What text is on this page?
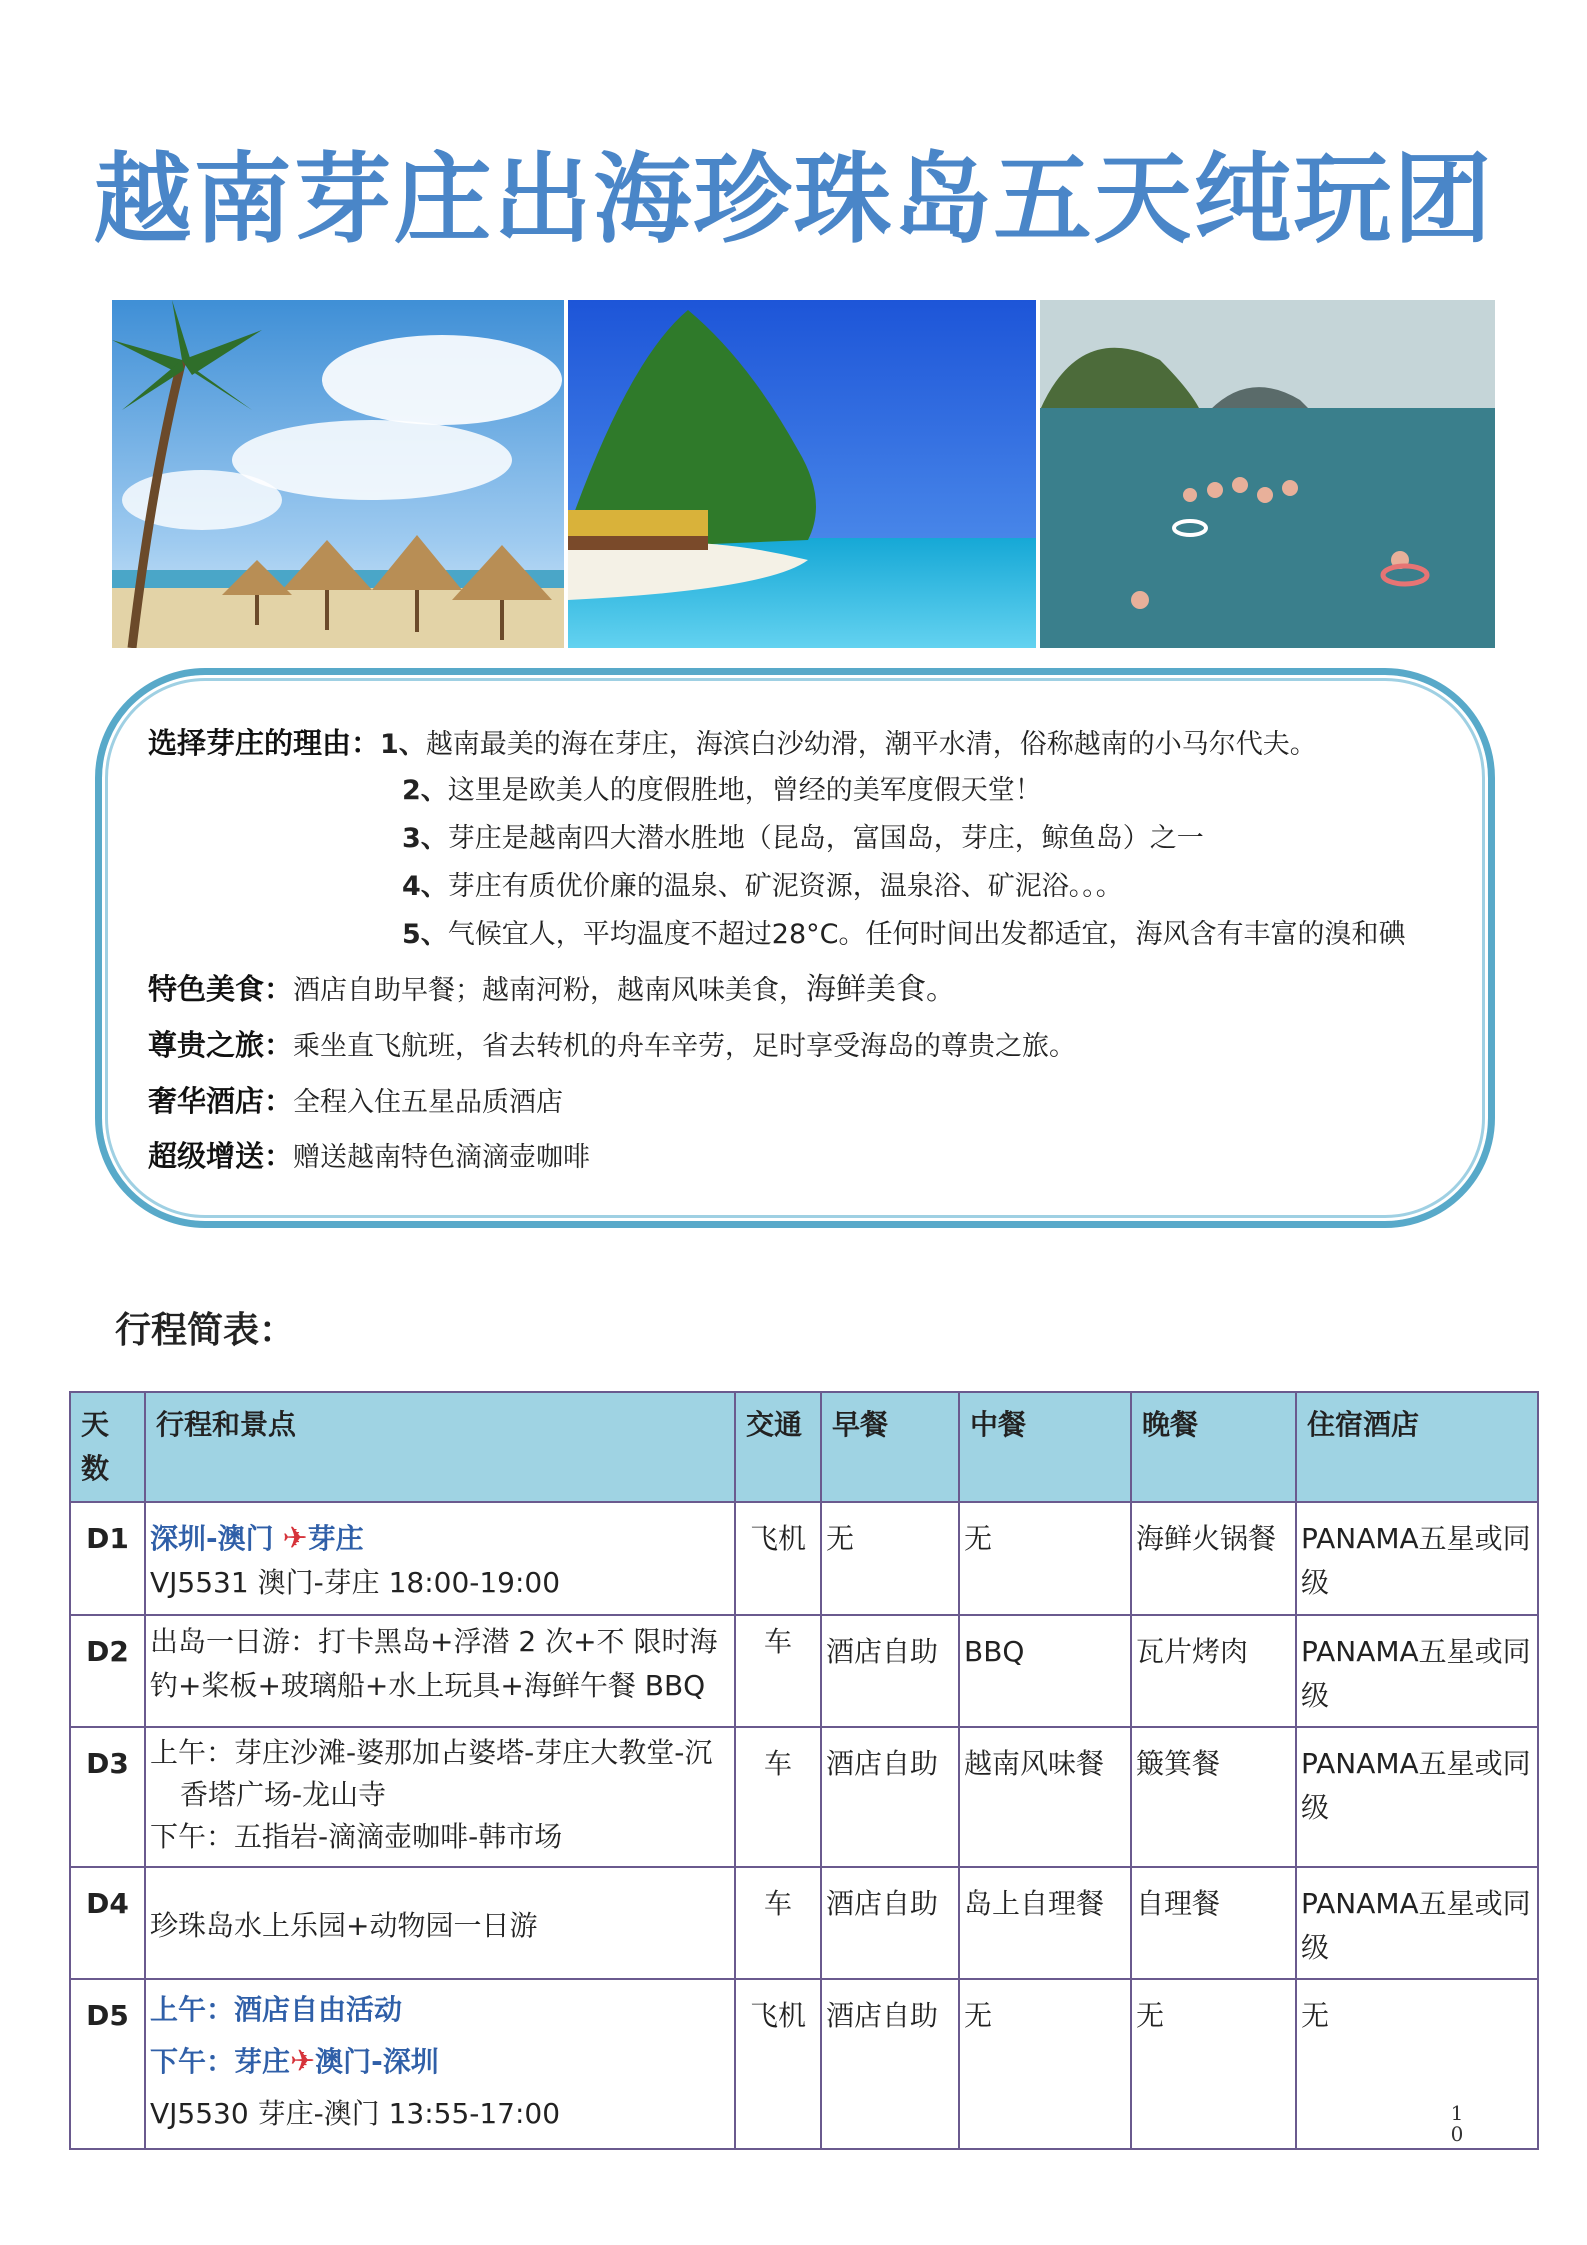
越南芽庄出海珍珠岛五天纯玩团
选择芽庄的理由：1、越南最美的海在芽庄，海滨白沙幼滑，潮平水清，俗称越南的小马尔代夫。
2、这里是欧美人的度假胜地，曾经的美军度假天堂！
3、芽庄是越南四大潜水胜地（昆岛，富国岛，芽庄，鲸鱼岛）之一
4、芽庄有质优价廉的温泉、矿泥资源，温泉浴、矿泥浴。。。
5、气候宜人，平均温度不超过28°C。任何时间出发都适宜，海风含有丰富的溴和碘
特色美食：酒店自助早餐；越南河粉，越南风味美食，海鲜美食。
尊贵之旅：乘坐直飞航班，省去转机的舟车辛劳，足时享受海岛的尊贵之旅。
奢华酒店：全程入住五星品质酒店
超级增送：赠送越南特色滴滴壶咖啡
行程简表：
天数	行程和景点	交通	早餐	中餐	晚餐	住宿酒店
D1	深圳-澳门 ✈芽庄
VJ5531 澳门-芽庄 18:00-19:00	飞机	无	无	海鲜火锅餐	PANAMA五星或同级
D2	出岛一日游：打卡黑岛+浮潜 2 次+不 限时海钓+桨板+玻璃船+水上玩具+海鲜午餐 BBQ	车	酒店自助	BBQ	瓦片烤肉	PANAMA五星或同级
D3	上午：芽庄沙滩-婆那加占婆塔-芽庄大教堂-沉

香塔广场-龙山寺
下午：五指岩-滴滴壶咖啡-韩市场	车	酒店自助	越南风味餐	簸箕餐	PANAMA五星或同级
D4	珍珠岛水上乐园+动物园一日游	车	酒店自助	岛上自理餐	自理餐	PANAMA五星或同级
D5	上午：酒店自由活动
下午：芽庄✈澳门-深圳
VJ5530 芽庄-澳门 13:55-17:00	飞机	酒店自助	无	无	无
1
0
